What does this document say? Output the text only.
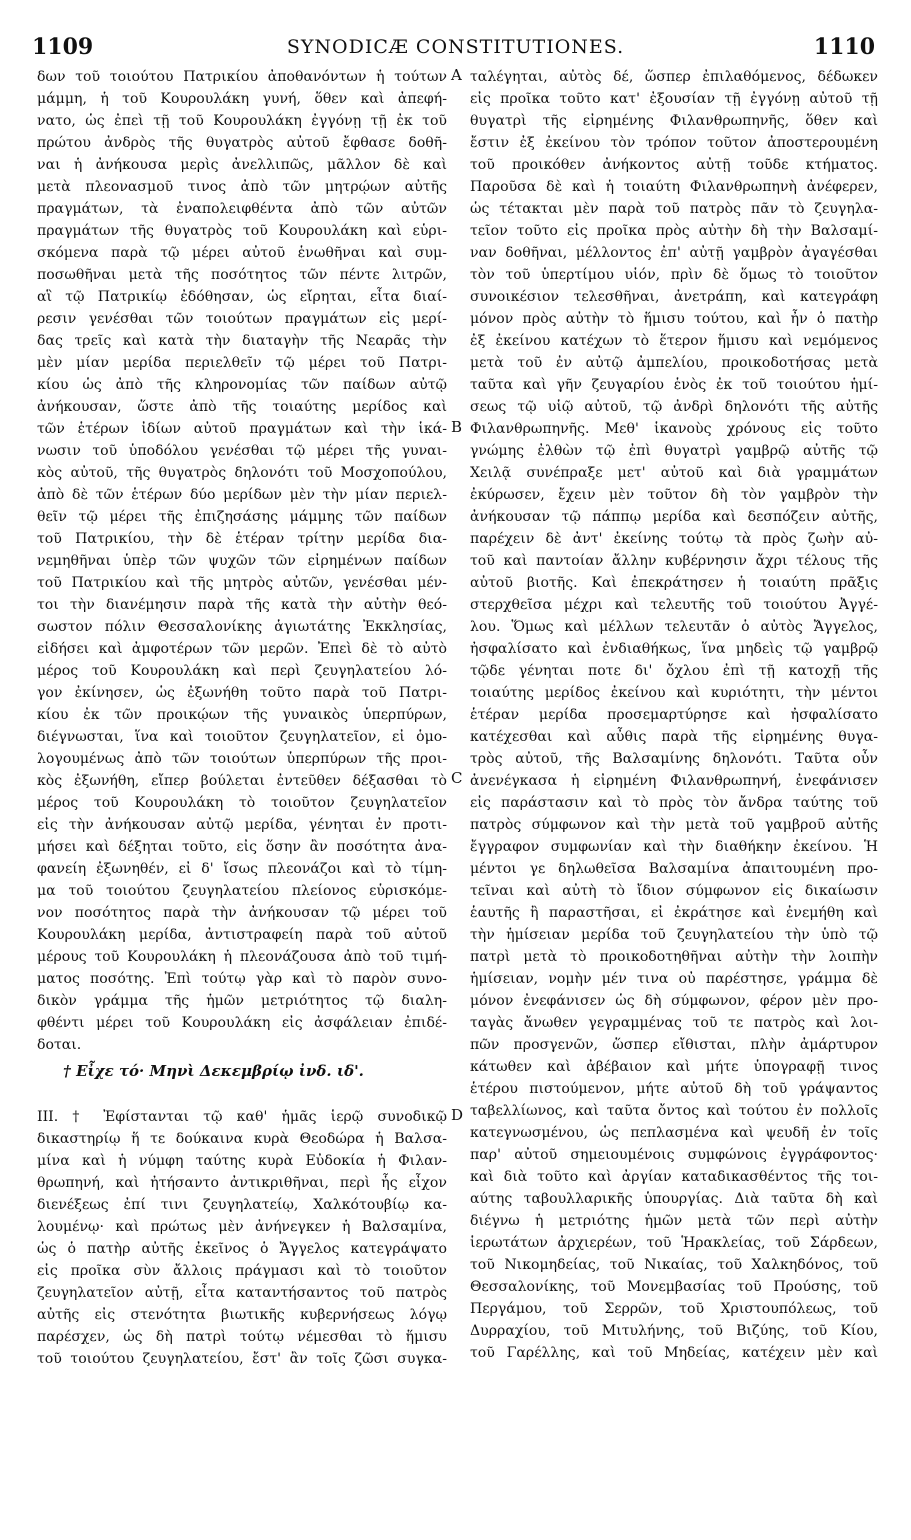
1109	SYNODICÆ CONSTITUTIONES.	1110
δων τοῦ τοιούτου Πατρικίου ἀποθανόντων ἡ τούτων
μάμμη, ἡ τοῦ Κουρουλάκη γυνή, ὅθεν καὶ ἀπεφή-
νατο, ὡς ἐπεὶ τῇ τοῦ Κουρουλάκη ἐγγόνῃ τῇ ἐκ τοῦ
πρώτου ἀνδρὸς τῆς θυγατρὸς αὐτοῦ ἔφθασε δοθῆ-
ναι ἡ ἀνήκουσα μερὶς ἀνελλιπῶς, μᾶλλον δὲ καὶ
μετὰ πλεονασμοῦ τινος ἀπὸ τῶν μητρῴων αὐτῆς
πραγμάτων, τὰ ἐναπολειφθέντα ἀπὸ τῶν αὐτῶν
πραγμάτων τῆς θυγατρὸς τοῦ Κουρουλάκη καὶ εὑρι-
σκόμενα παρὰ τῷ μέρει αὐτοῦ ἑνωθῆναι καὶ συμ-
ποσωθῆναι μετὰ τῆς ποσότητος τῶν πέντε λιτρῶν,
αἳ τῷ Πατρικίῳ ἐδόθησαν, ὡς εἴρηται, εἶτα διαί-
ρεσιν γενέσθαι τῶν τοιούτων πραγμάτων εἰς μερί-
δας τρεῖς καὶ κατὰ τὴν διαταγὴν τῆς Νεαρᾶς τὴν
μὲν μίαν μερίδα περιελθεῖν τῷ μέρει τοῦ Πατρι-
κίου ὡς ἀπὸ τῆς κληρονομίας τῶν παίδων αὐτῷ
ἀνήκουσαν, ὥστε ἀπὸ τῆς τοιαύτης μερίδος καὶ
τῶν ἑτέρων ἰδίων αὐτοῦ πραγμάτων καὶ τὴν ἱκά-
νωσιν τοῦ ὑποδόλου γενέσθαι τῷ μέρει τῆς γυναι-
κὸς αὐτοῦ, τῆς θυγατρὸς δηλονότι τοῦ Μοσχοπούλου,
ἀπὸ δὲ τῶν ἑτέρων δύο μερίδων μὲν τὴν μίαν περιελ-
θεῖν τῷ μέρει τῆς ἐπιζησάσης μάμμης τῶν παίδων
τοῦ Πατρικίου, τὴν δὲ ἑτέραν τρίτην μερίδα δια-
νεμηθῆναι ὑπὲρ τῶν ψυχῶν τῶν εἰρημένων παίδων
τοῦ Πατρικίου καὶ τῆς μητρὸς αὐτῶν, γενέσθαι μέν-
τοι τὴν διανέμησιν παρὰ τῆς κατὰ τὴν αὐτὴν θεό-
σωστον πόλιν Θεσσαλονίκης ἁγιωτάτης Ἐκκλησίας,
εἰδήσει καὶ ἀμφοτέρων τῶν μερῶν. Ἐπεὶ δὲ τὸ αὐτὸ
μέρος τοῦ Κουρουλάκη καὶ περὶ ζευγηλατείου λό-
γον ἐκίνησεν, ὡς ἐξωνήθη τοῦτο παρὰ τοῦ Πατρι-
κίου ἐκ τῶν προικῴων τῆς γυναικὸς ὑπερπύρων,
διέγνωσται, ἵνα καὶ τοιοῦτον ζευγηλατεῖον, εἰ ὁμο-
λογουμένως ἀπὸ τῶν τοιούτων ὑπερπύρων τῆς προι-
κὸς ἐξωνήθη, εἴπερ βούλεται ἐντεῦθεν δέξασθαι τὸ
μέρος τοῦ Κουρουλάκη τὸ τοιοῦτον ζευγηλατεῖον
εἰς τὴν ἀνήκουσαν αὐτῷ μερίδα, γένηται ἐν προτι-
μήσει καὶ δέξηται τοῦτο, εἰς ὅσην ἂν ποσότητα ἀνα-
φανείη ἐξωνηθέν, εἰ δ' ἴσως πλεονάζοι καὶ τὸ τίμη-
μα τοῦ τοιούτου ζευγηλατείου πλείονος εὑρισκόμε-
νον ποσότητος παρὰ τὴν ἀνήκουσαν τῷ μέρει τοῦ
Κουρουλάκη μερίδα, ἀντιστραφείη παρὰ τοῦ αὐτοῦ
μέρους τοῦ Κουρουλάκη ἡ πλεονάζουσα ἀπὸ τοῦ τιμή-
ματος ποσότης. Ἐπὶ τούτῳ γὰρ καὶ τὸ παρὸν συνο-
δικὸν γράμμα τῆς ἡμῶν μετριότητος τῷ διαλη-
φθέντι μέρει τοῦ Κουρουλάκη εἰς ἀσφάλειαν ἐπιδέ-
δοται.
† Εἶχε τό· Μηνὶ Δεκεμβρίῳ ἰνδ. ιδ'.
III. † Ἐφίστανται τῷ καθ' ἡμᾶς ἱερῷ συνοδικῷ
δικαστηρίῳ ἥ τε δούκαινα κυρὰ Θεοδώρα ἡ Βαλσα-
μίνα καὶ ἡ νύμφη ταύτης κυρὰ Εὐδοκία ἡ Φιλαν-
θρωπηνή, καὶ ἠτήσαντο ἀντικριθῆναι, περὶ ἧς εἶχον
διενέξεως ἐπί τινι ζευγηλατείῳ, Χαλκότουβίῳ κα-
λουμένῳ· καὶ πρώτως μὲν ἀνήνεγκεν ἡ Βαλσαμίνα,
ὡς ὁ πατὴρ αὐτῆς ἐκεῖνος ὁ Ἄγγελος κατεγράψατο
εἰς προῖκα σὺν ἄλλοις πράγμασι καὶ τὸ τοιοῦτον
ζευγηλατεῖον αὐτῇ, εἶτα καταντήσαντος τοῦ πατρὸς
αὐτῆς εἰς στενότητα βιωτικῆς κυβερνήσεως λόγῳ
παρέσχεν, ὡς δὴ πατρὶ τούτῳ νέμεσθαι τὸ ἥμισυ
τοῦ τοιούτου ζευγηλατείου, ἔστ' ἂν τοῖς ζῶσι συγκα-
ταλέγηται, αὐτὸς δέ, ὥσπερ ἐπιλαθόμενος, δέδωκεν
εἰς προῖκα τοῦτο κατ' ἐξουσίαν τῇ ἐγγόνῃ αὐτοῦ τῇ
θυγατρὶ τῆς εἰρημένης Φιλανθρωπηνῆς, ὅθεν καὶ
ἔστιν ἐξ ἐκείνου τὸν τρόπον τοῦτον ἀποστερουμένη
τοῦ προικόθεν ἀνήκοντος αὐτῇ τοῦδε κτήματος.
Παροῦσα δὲ καὶ ἡ τοιαύτη Φιλανθρωπηνὴ ἀνέφερεν,
ὡς τέτακται μὲν παρὰ τοῦ πατρὸς πᾶν τὸ ζευγηλα-
τεῖον τοῦτο εἰς προῖκα πρὸς αὐτὴν δὴ τὴν Βαλσαμί-
ναν δοθῆναι, μέλλοντος ἐπ' αὐτῇ γαμβρὸν ἀγαγέσθαι
τὸν τοῦ ὑπερτίμου υἱόν, πρὶν δὲ ὅμως τὸ τοιοῦτον
συνοικέσιον τελεσθῆναι, ἀνετράπη, καὶ κατεγράφη
μόνον πρὸς αὐτὴν τὸ ἥμισυ τούτου, καὶ ἦν ὁ πατὴρ
ἐξ ἐκείνου κατέχων τὸ ἕτερον ἥμισυ καὶ νεμόμενος
μετὰ τοῦ ἐν αὐτῷ ἀμπελίου, προικοδοτήσας μετὰ
ταῦτα καὶ γῆν ζευγαρίου ἑνὸς ἐκ τοῦ τοιούτου ἡμί-
σεως τῷ υἱῷ αὐτοῦ, τῷ ἀνδρὶ δηλονότι τῆς αὐτῆς
Φιλανθρωπηνῆς. Μεθ' ἱκανοὺς χρόνους εἰς τοῦτο
γνώμης ἐλθὼν τῷ ἐπὶ θυγατρὶ γαμβρῷ αὐτῆς τῷ
Χειλᾷ συνέπραξε μετ' αὐτοῦ καὶ διὰ γραμμάτων
ἐκύρωσεν, ἔχειν μὲν τοῦτον δὴ τὸν γαμβρὸν τὴν
ἀνήκουσαν τῷ πάππῳ μερίδα καὶ δεσπόζειν αὐτῆς,
παρέχειν δὲ ἀντ' ἐκείνης τούτῳ τὰ πρὸς ζωὴν αὐ-
τοῦ καὶ παντοίαν ἄλλην κυβέρνησιν ἄχρι τέλους τῆς
αὐτοῦ βιοτῆς. Καὶ ἐπεκράτησεν ἡ τοιαύτη πρᾶξις
στερχθεῖσα μέχρι καὶ τελευτῆς τοῦ τοιούτου Ἀγγέ-
λου. Ὅμως καὶ μέλλων τελευτᾶν ὁ αὐτὸς Ἄγγελος,
ἠσφαλίσατο καὶ ἐνδιαθήκως, ἵνα μηδεὶς τῷ γαμβρῷ
τῷδε γένηται ποτε δι' ὄχλου ἐπὶ τῇ κατοχῇ τῆς
τοιαύτης μερίδος ἐκείνου καὶ κυριότητι, τὴν μέντοι
ἑτέραν μερίδα προσεμαρτύρησε καὶ ἠσφαλίσατο
κατέχεσθαι καὶ αὖθις παρὰ τῆς εἰρημένης θυγα-
τρὸς αὐτοῦ, τῆς Βαλσαμίνης δηλονότι. Ταῦτα οὖν
ἀνενέγκασα ἡ εἰρημένη Φιλανθρωπηνή, ἐνεφάνισεν
εἰς παράστασιν καὶ τὸ πρὸς τὸν ἄνδρα ταύτης τοῦ
πατρὸς σύμφωνον καὶ τὴν μετὰ τοῦ γαμβροῦ αὐτῆς
ἔγγραφον συμφωνίαν καὶ τὴν διαθήκην ἐκείνου. Ἡ
μέντοι γε δηλωθεῖσα Βαλσαμίνα ἀπαιτουμένη προ-
τεῖναι καὶ αὐτὴ τὸ ἴδιον σύμφωνον εἰς δικαίωσιν
ἑαυτῆς ἢ παραστῆσαι, εἰ ἐκράτησε καὶ ἐνεμήθη καὶ
τὴν ἡμίσειαν μερίδα τοῦ ζευγηλατείου τὴν ὑπὸ τῷ
πατρὶ μετὰ τὸ προικοδοτηθῆναι αὐτὴν τὴν λοιπὴν
ἡμίσειαν, νομὴν μέν τινα οὐ παρέστησε, γράμμα δὲ
μόνον ἐνεφάνισεν ὡς δὴ σύμφωνον, φέρον μὲν προ-
ταγὰς ἄνωθεν γεγραμμένας τοῦ τε πατρὸς καὶ λοι-
πῶν προσγενῶν, ὥσπερ εἴθισται, πλὴν ἀμάρτυρον
κάτωθεν καὶ ἀβέβαιον καὶ μήτε ὑπογραφῇ τινος
ἑτέρου πιστούμενον, μήτε αὐτοῦ δὴ τοῦ γράψαντος
ταβελλίωνος, καὶ ταῦτα ὄντος καὶ τούτου ἐν πολλοῖς
κατεγνωσμένου, ὡς πεπλασμένα καὶ ψευδῆ ἐν τοῖς
παρ' αὐτοῦ σημειουμένοις συμφώνοις ἐγγράφοντος·
καὶ διὰ τοῦτο καὶ ἀργίαν καταδικασθέντος τῆς τοι-
αύτης ταβουλλαρικῆς ὑπουργίας. Διὰ ταῦτα δὴ καὶ
διέγνω ἡ μετριότης ἡμῶν μετὰ τῶν περὶ αὐτὴν
ἱερωτάτων ἀρχιερέων, τοῦ Ἡρακλείας, τοῦ Σάρδεων,
τοῦ Νικομηδείας, τοῦ Νικαίας, τοῦ Χαλκηδόνος, τοῦ
Θεσσαλονίκης, τοῦ Μονεμβασίας τοῦ Προύσης, τοῦ
Περγάμου, τοῦ Σερρῶν, τοῦ Χριστουπόλεως, τοῦ
Δυρραχίου, τοῦ Μιτυλήνης, τοῦ Βιζύης, τοῦ Κίου,
τοῦ Γαρέλλης, καὶ τοῦ Μηδείας, κατέχειν μὲν καὶ
A
B
C
D
